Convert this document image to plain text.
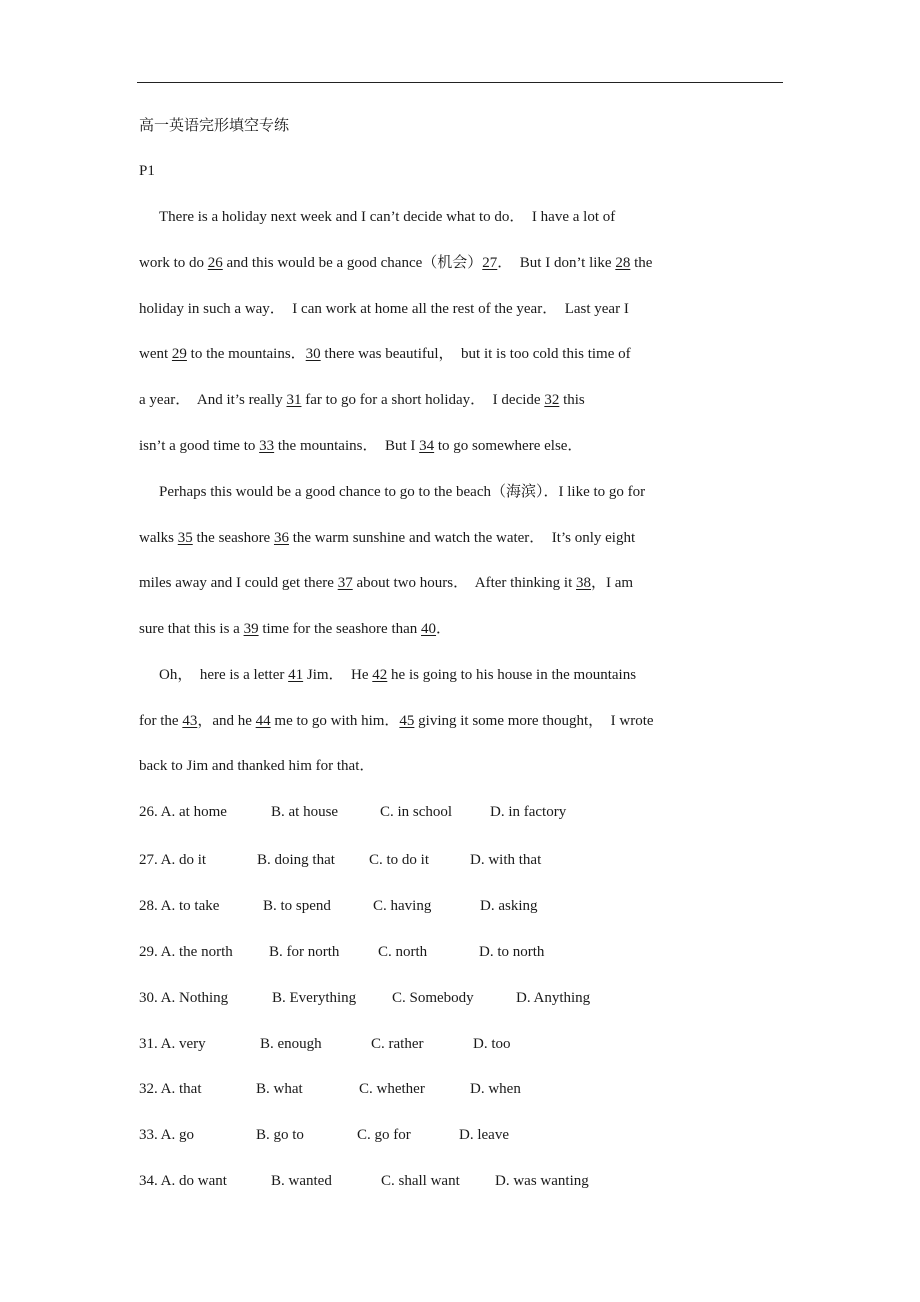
高一英语完形填空专练
P1
There is a holiday next week and I can’t decide what to do．  I have a lot of
work to do 26 and this would be a good chance（机会）27．  But I don’t like 28 the
holiday in such a way．  I can work at home all the rest of the year．  Last year I
went 29 to the mountains．30 there was beautiful，  but it is too cold this time of
a year．  And it’s really 31 far to go for a short holiday．  I decide 32 this
isn’t a good time to 33 the mountains．  But I 34 to go somewhere else．
Perhaps this would be a good chance to go to the beach（海滨）．I like to go for
walks 35 the seashore 36 the warm sunshine and watch the water．  It’s only eight
miles away and I could get there 37 about two hours．  After thinking it 38，I am
sure that this is a 39 time for the seashore than 40．
Oh，  here is a letter 41 Jim．  He 42 he is going to his house in the mountains
for the 43，and he 44 me to go with him．45 giving it some more thought，  I wrote
back to Jim and thanked him for that．
26. A. at home	B. at house	C. in school	D. in factory
27. A. do it	B. doing that C. to do it	D. with that
28. A. to take	B. to spend	C. having	D. asking
29. A. the north B. for north	C. north	D. to north
30. A. Nothing	B. Everything C. Somebody	D. Anything
31. A. very	B. enough	C. rather	D. too
32. A. that	B. what	C. whether	D. when
33. A. go	B. go to	C. go for	D. leave
34. A. do want	B. wanted	C. shall want D. was wanting
